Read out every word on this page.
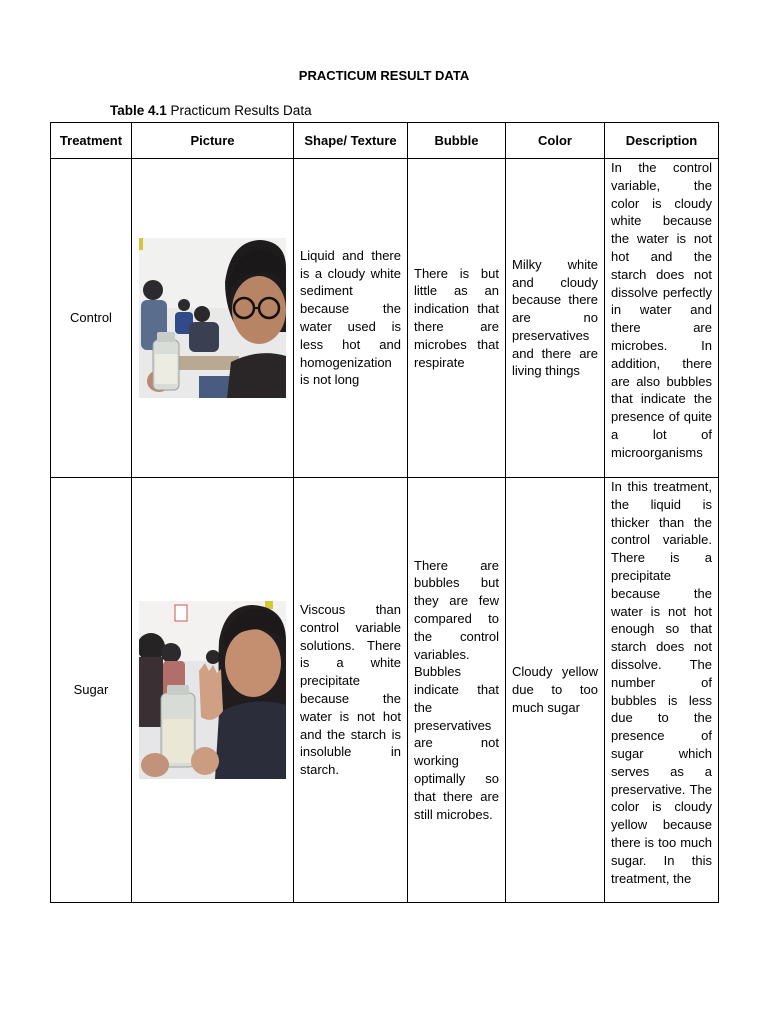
PRACTICUM RESULT DATA
Table 4.1 Practicum Results Data
Treatment	Picture	Shape/ Texture	Bubble	Color	Description
Control		Liquid and there is a cloudy white sediment because the water used is less hot and homogenization is not long	There is but little as an indication that there are microbes that respirate	Milky white and cloudy because there are no preservatives and there are living things	In the control variable, the color is cloudy white because the water is not hot and the starch does not dissolve perfectly in water and there are microbes. In addition, there are also bubbles that indicate the presence of quite a lot of microorganisms

Sugar		Viscous than control variable solutions. There is a white precipitate because the water is not hot and the starch is insoluble in starch.	There are bubbles but they are few compared to the control variables. Bubbles indicate that the preservatives are not working optimally so that there are still microbes.	Cloudy yellow due to too much sugar	In this treatment, the liquid is thicker than the control variable. There is a precipitate because the water is not hot enough so that starch does not dissolve. The number of bubbles is less due to the presence of sugar which serves as a preservative. The color is cloudy yellow because there is too much sugar. In this treatment, the
